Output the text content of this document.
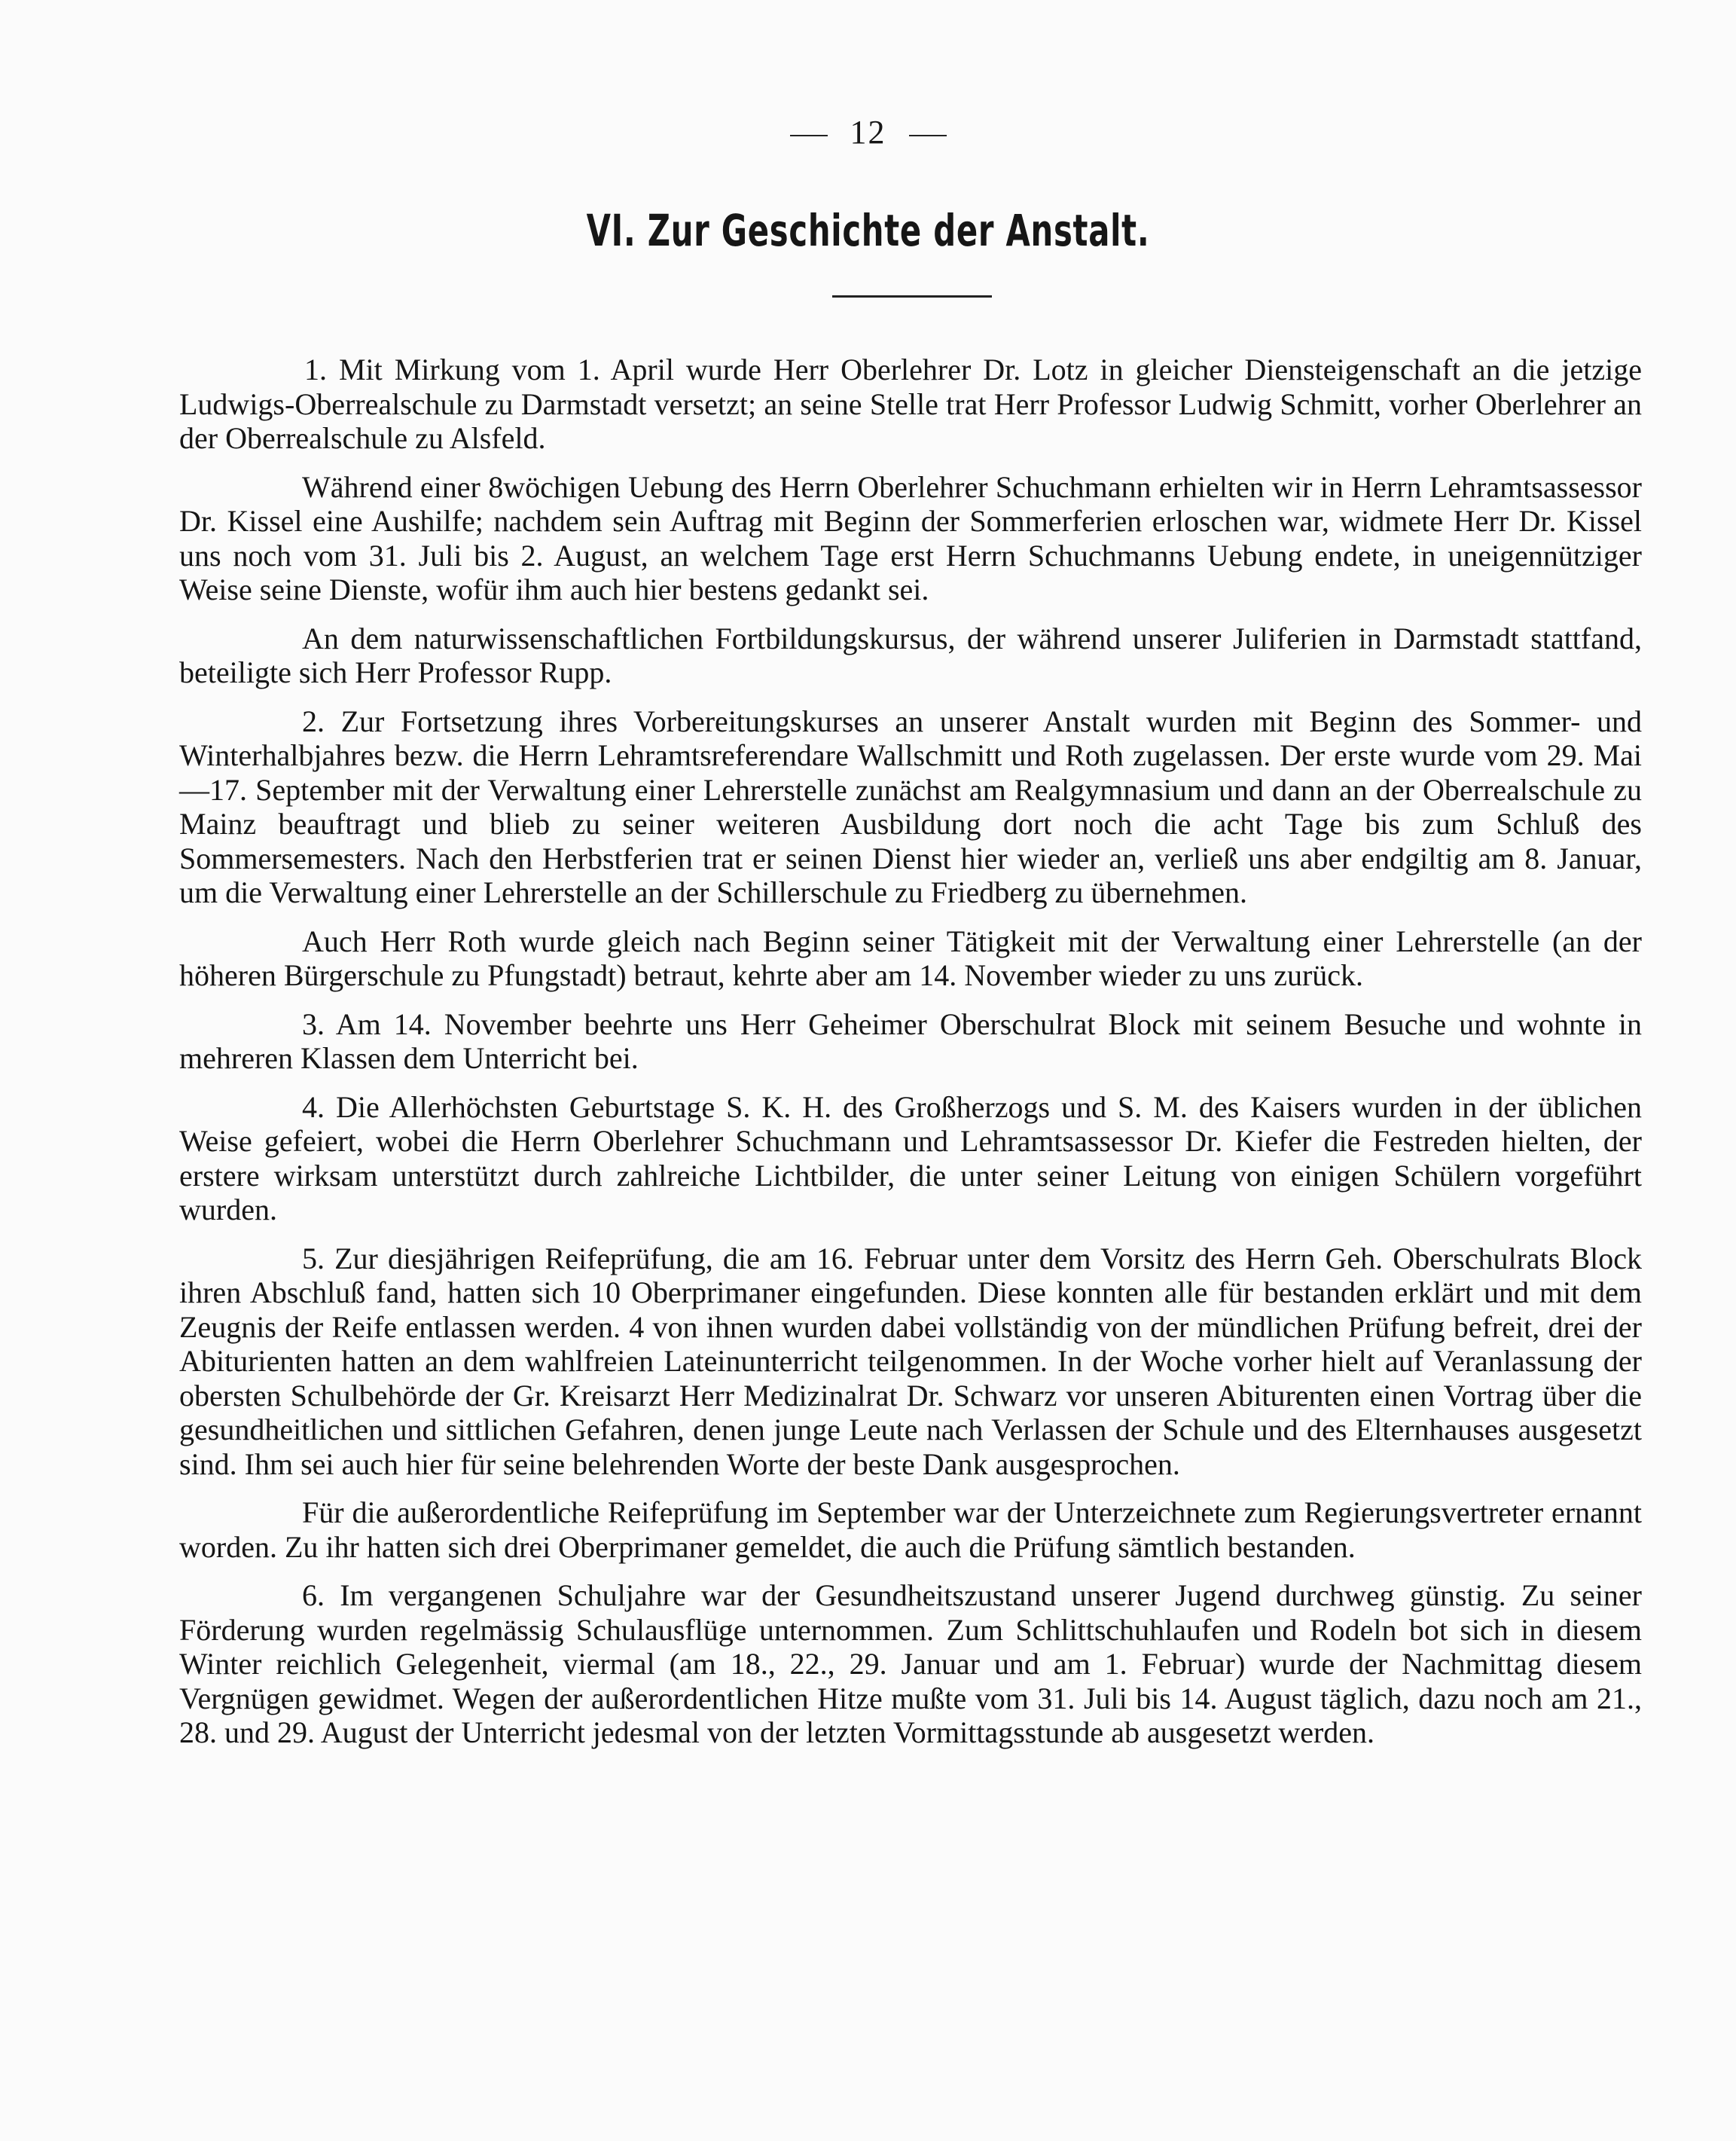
12
VI. Zur Geschichte der Anstalt.

1. Mit Mirkung vom 1. April wurde Herr Oberlehrer Dr. Lotz in gleicher Diensteigenschaft an die jetzige Ludwigs-Oberrealschule zu Darmstadt versetzt; an seine Stelle trat Herr Professor Ludwig Schmitt, vorher Oberlehrer an der Oberrealschule zu Alsfeld.

Während einer 8wöchigen Uebung des Herrn Oberlehrer Schuchmann erhielten wir in Herrn Lehramtsassessor Dr. Kissel eine Aushilfe; nachdem sein Auftrag mit Beginn der Sommerferien erloschen war, widmete Herr Dr. Kissel uns noch vom 31. Juli bis 2. August, an welchem Tage erst Herrn Schuchmanns Uebung endete, in uneigennütziger Weise seine Dienste, wofür ihm auch hier bestens gedankt sei.

An dem naturwissenschaftlichen Fortbildungskursus, der während unserer Juliferien in Darmstadt stattfand, beteiligte sich Herr Professor Rupp.

2. Zur Fortsetzung ihres Vorbereitungskurses an unserer Anstalt wurden mit Beginn des Sommer- und Winterhalbjahres bezw. die Herrn Lehramtsreferendare Wallschmitt und Roth zugelassen. Der erste wurde vom 29. Mai—17. September mit der Verwaltung einer Lehrerstelle zunächst am Realgymnasium und dann an der Oberrealschule zu Mainz beauftragt und blieb zu seiner weiteren Ausbildung dort noch die acht Tage bis zum Schluß des Sommersemesters. Nach den Herbstferien trat er seinen Dienst hier wieder an, verließ uns aber endgiltig am 8. Januar, um die Verwaltung einer Lehrerstelle an der Schillerschule zu Friedberg zu übernehmen.

Auch Herr Roth wurde gleich nach Beginn seiner Tätigkeit mit der Verwaltung einer Lehrerstelle (an der höheren Bürgerschule zu Pfungstadt) betraut, kehrte aber am 14. November wieder zu uns zurück.

3. Am 14. November beehrte uns Herr Geheimer Oberschulrat Block mit seinem Besuche und wohnte in mehreren Klassen dem Unterricht bei.

4. Die Allerhöchsten Geburtstage S. K. H. des Großherzogs und S. M. des Kaisers wurden in der üblichen Weise gefeiert, wobei die Herrn Oberlehrer Schuchmann und Lehramtsassessor Dr. Kiefer die Festreden hielten, der erstere wirksam unterstützt durch zahlreiche Lichtbilder, die unter seiner Leitung von einigen Schülern vorgeführt wurden.

5. Zur diesjährigen Reifeprüfung, die am 16. Februar unter dem Vorsitz des Herrn Geh. Oberschulrats Block ihren Abschluß fand, hatten sich 10 Oberprimaner eingefunden. Diese konnten alle für bestanden erklärt und mit dem Zeugnis der Reife entlassen werden. 4 von ihnen wurden dabei vollständig von der mündlichen Prüfung befreit, drei der Abiturienten hatten an dem wahlfreien Lateinunterricht teilgenommen. In der Woche vorher hielt auf Veranlassung der obersten Schulbehörde der Gr. Kreisarzt Herr Medizinalrat Dr. Schwarz vor unseren Abiturenten einen Vortrag über die gesundheitlichen und sittlichen Gefahren, denen junge Leute nach Verlassen der Schule und des Elternhauses ausgesetzt sind. Ihm sei auch hier für seine belehrenden Worte der beste Dank ausgesprochen.

Für die außerordentliche Reifeprüfung im September war der Unterzeichnete zum Regierungsvertreter ernannt worden. Zu ihr hatten sich drei Oberprimaner gemeldet, die auch die Prüfung sämtlich bestanden.

6. Im vergangenen Schuljahre war der Gesundheitszustand unserer Jugend durchweg günstig. Zu seiner Förderung wurden regelmässig Schulausflüge unternommen. Zum Schlittschuhlaufen und Rodeln bot sich in diesem Winter reichlich Gelegenheit, viermal (am 18., 22., 29. Januar und am 1. Februar) wurde der Nachmittag diesem Vergnügen gewidmet. Wegen der außerordentlichen Hitze mußte vom 31. Juli bis 14. August täglich, dazu noch am 21., 28. und 29. August der Unterricht jedesmal von der letzten Vormittagsstunde ab ausgesetzt werden.
